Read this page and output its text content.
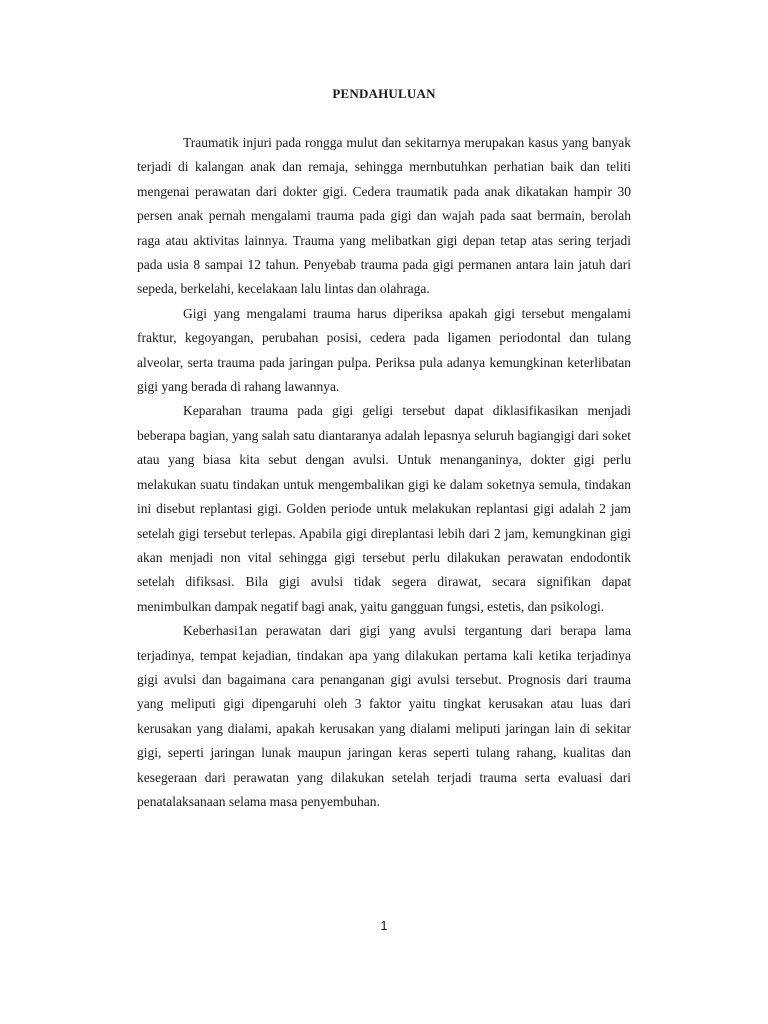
PENDAHULUAN

Traumatik injuri pada rongga mulut dan sekitarnya merupakan kasus yang banyak terjadi di kalangan anak dan remaja, sehingga mernbutuhkan perhatian baik dan teliti mengenai perawatan dari dokter gigi. Cedera traumatik pada anak dikatakan hampir 30 persen anak pernah mengalami trauma pada gigi dan wajah pada saat bermain, berolah raga atau aktivitas lainnya. Trauma yang melibatkan gigi depan tetap atas sering terjadi pada usia 8 sampai 12 tahun. Penyebab trauma pada gigi permanen antara lain jatuh dari sepeda, berkelahi, kecelakaan lalu lintas dan olahraga.

Gigi yang mengalami trauma harus diperiksa apakah gigi tersebut mengalami fraktur, kegoyangan, perubahan posisi, cedera pada ligamen periodontal dan tulang alveolar, serta trauma pada jaringan pulpa. Periksa pula adanya kemungkinan keterlibatan gigi yang berada di rahang lawannya.

Keparahan trauma pada gigi geligi tersebut dapat diklasifikasikan menjadi beberapa bagian, yang salah satu diantaranya adalah lepasnya seluruh bagiangigi dari soket atau yang biasa kita sebut dengan avulsi. Untuk menanganinya, dokter gigi perlu melakukan suatu tindakan untuk mengembalikan gigi ke dalam soketnya semula, tindakan ini disebut replantasi gigi. Golden periode untuk melakukan replantasi gigi adalah 2 jam setelah gigi tersebut terlepas. Apabila gigi direplantasi lebih dari 2 jam, kemungkinan gigi akan menjadi non vital sehingga gigi tersebut perlu dilakukan perawatan endodontik setelah difiksasi. Bila gigi avulsi tidak segera dirawat, secara signifikan dapat menimbulkan dampak negatif bagi anak, yaitu gangguan fungsi, estetis, dan psikologi.

Keberhasi1an perawatan dari gigi yang avulsi tergantung dari berapa lama terjadinya, tempat kejadian, tindakan apa yang dilakukan pertama kali ketika terjadinya gigi avulsi dan bagaimana cara penanganan gigi avulsi tersebut. Prognosis dari trauma yang meliputi gigi dipengaruhi oleh 3 faktor yaitu tingkat kerusakan atau luas dari kerusakan yang dialami, apakah kerusakan yang dialami meliputi jaringan lain di sekitar gigi, seperti jaringan lunak maupun jaringan keras seperti tulang rahang, kualitas dan kesegeraan dari perawatan yang dilakukan setelah terjadi trauma serta evaluasi dari penatalaksanaan selama masa penyembuhan.

1
